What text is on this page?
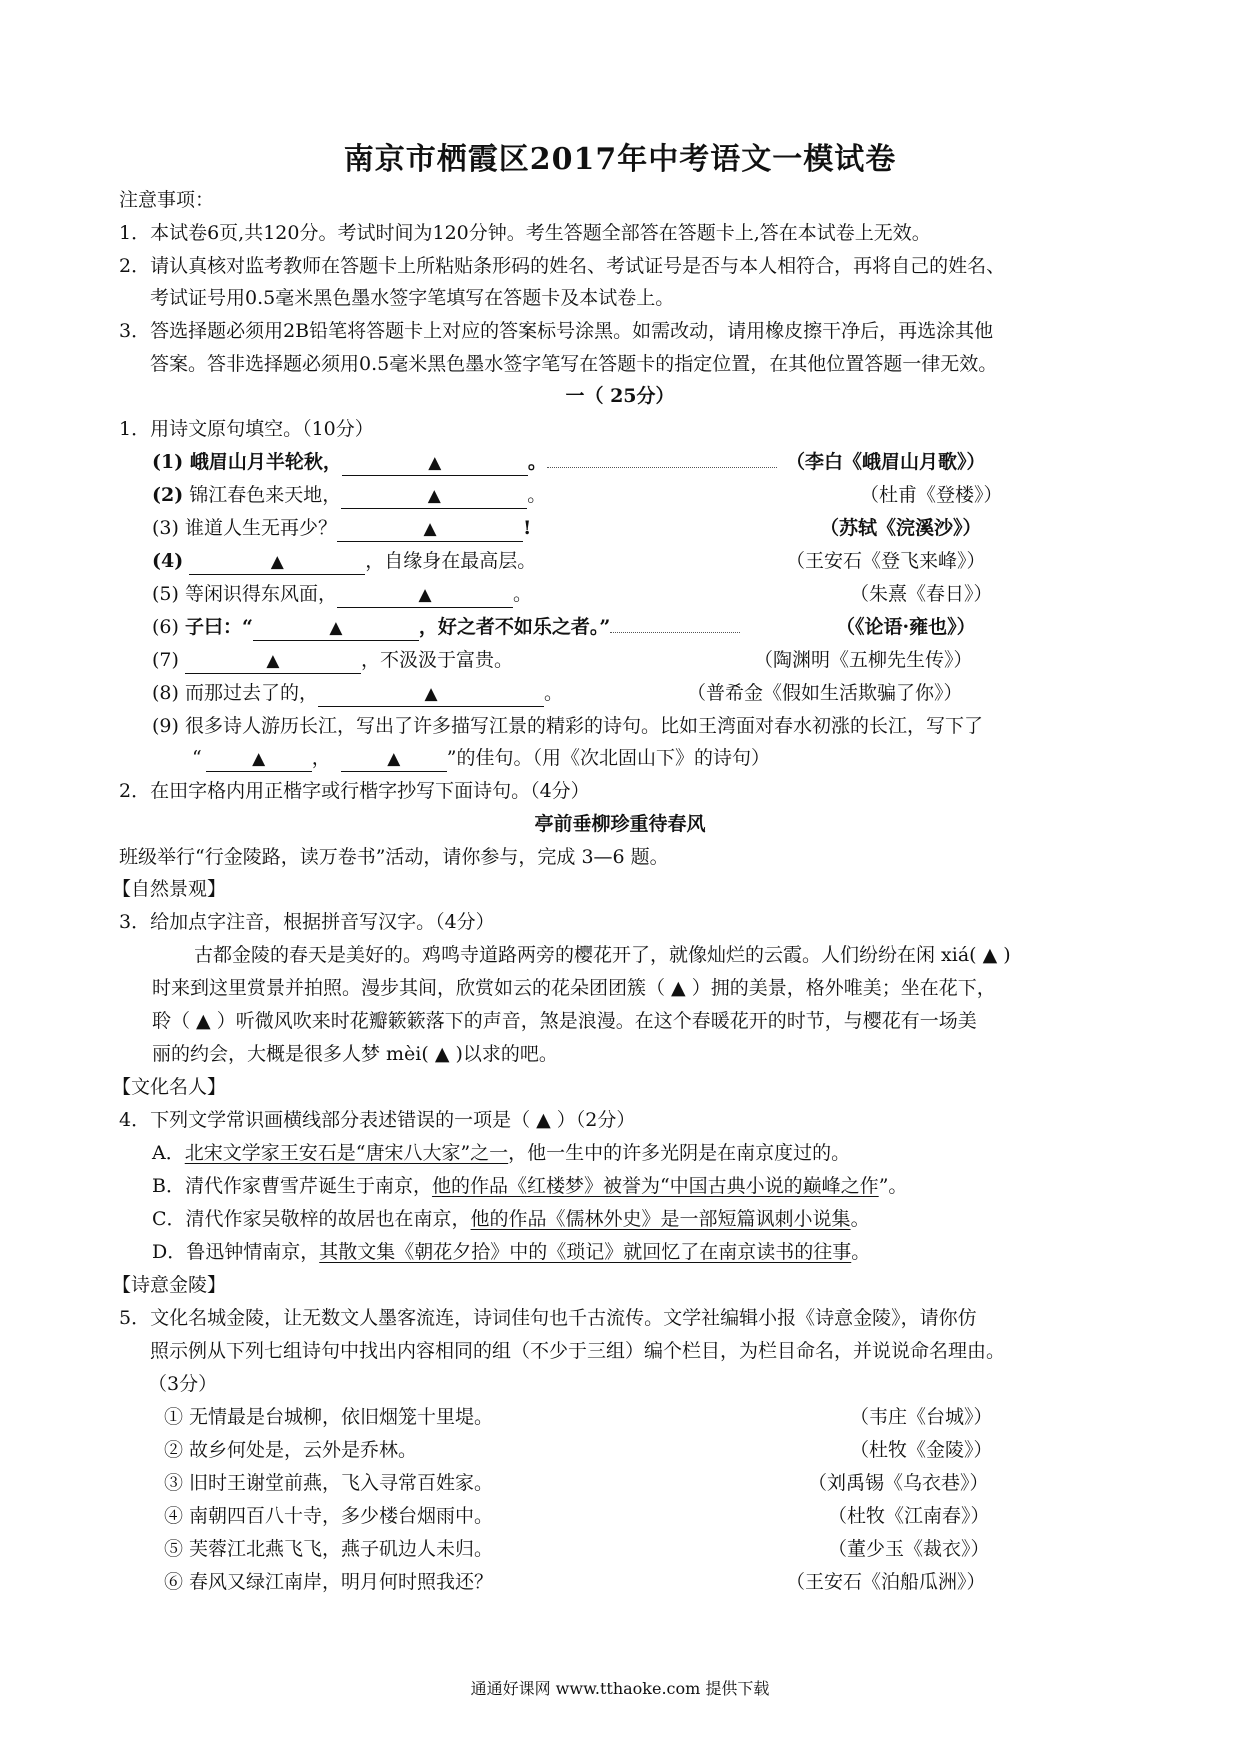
南京市栖霞区2017年中考语文一模试卷
注意事项：
1．本试卷6页,共120分。考试时间为120分钟。考生答题全部答在答题卡上,答在本试卷上无效。
2．请认真核对监考教师在答题卡上所粘贴条形码的姓名、考试证号是否与本人相符合，再将自己的姓名、
考试证号用0.5毫米黑色墨水签字笔填写在答题卡及本试卷上。
3．答选择题必须用2B铅笔将答题卡上对应的答案标号涂黑。如需改动，请用橡皮擦干净后，再选涂其他
答案。答非选择题必须用0.5毫米黑色墨水签字笔写在答题卡的指定位置，在其他位置答题一律无效。
一（ 25分）
1．用诗文原句填空。（10分）
(1) 峨眉山月半轮秋，	▲	。	（李白《峨眉山月歌》）
(2) 锦江春色来天地，	▲	。	（杜甫《登楼》）
(3) 谁道人生无再少？	▲	!	（苏轼《浣溪沙》）
(4)	▲	，自缘身在最高层。	（王安石《登飞来峰》）
(5) 等闲识得东风面，	▲	。	（朱熹《春日》）
(6) 子曰：“	▲	，好之者不如乐之者。”	（《论语·雍也》）
(7)	▲	，不汲汲于富贵。	（陶渊明《五柳先生传》）
(8) 而那过去了的，	▲	。	（普希金《假如生活欺骗了你》）
(9) 很多诗人游历长江，写出了许多描写江景的精彩的诗句。比如王湾面对春水初涨的长江，写下了
“	▲ ，	▲ ”的佳句。（用《次北固山下》的诗句）
2．在田字格内用正楷字或行楷字抄写下面诗句。（4分）
亭前垂柳珍重待春风
班级举行“行金陵路，读万卷书”活动，请你参与，完成 3—6 题。
【自然景观】
3．给加点字注音，根据拼音写汉字。（4分）
古都金陵的春天是美好的。鸡鸣寺道路两旁的樱花开了，就像灿烂的云霞。人们纷纷在闲 xiá( ▲ )
时来到这里赏景并拍照。漫步其间，欣赏如云的花朵团团簇（ ▲ ）拥的美景，格外唯美；坐在花下，
聆（ ▲ ）听微风吹来时花瓣簌簌落下的声音，煞是浪漫。在这个春暖花开的时节，与樱花有一场美
丽的约会，大概是很多人梦 mèi( ▲ )以求的吧。
【文化名人】
4．下列文学常识画横线部分表述错误的一项是（ ▲ ）（2分）
A．北宋文学家王安石是“唐宋八大家”之一，他一生中的许多光阴是在南京度过的。
B．清代作家曹雪芹诞生于南京，他的作品《红楼梦》被誉为“中国古典小说的巅峰之作”。
C．清代作家吴敬梓的故居也在南京，他的作品《儒林外史》是一部短篇讽刺小说集。
D．鲁迅钟情南京，其散文集《朝花夕拾》中的《琐记》就回忆了在南京读书的往事。
【诗意金陵】
5．文化名城金陵，让无数文人墨客流连，诗词佳句也千古流传。文学社编辑小报《诗意金陵》，请你仿
照示例从下列七组诗句中找出内容相同的组（不少于三组）编个栏目，为栏目命名，并说说命名理由。
（3分）
① 无情最是台城柳，依旧烟笼十里堤。	（韦庄《台城》）
② 故乡何处是，云外是乔林。	（杜牧《金陵》）
③ 旧时王谢堂前燕，飞入寻常百姓家。	（刘禹锡《乌衣巷》）
④ 南朝四百八十寺，多少楼台烟雨中。	（杜牧《江南春》）
⑤ 芙蓉江北燕飞飞，燕子矶边人未归。	（董少玉《裁衣》）
⑥ 春风又绿江南岸，明月何时照我还？	（王安石《泊船瓜洲》）
通通好课网 www.tthaoke.com 提供下载
